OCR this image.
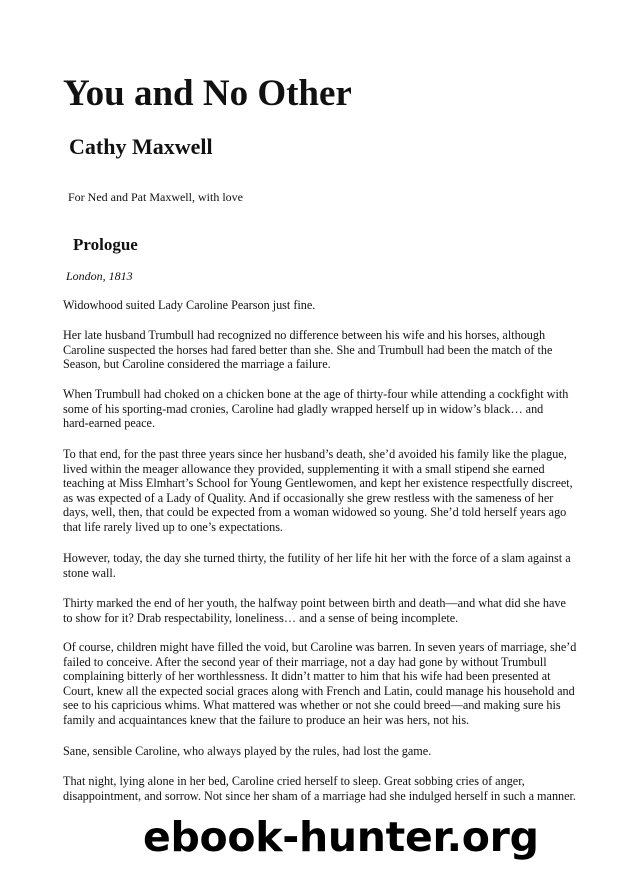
You and No Other
Cathy Maxwell
For Ned and Pat Maxwell, with love
Prologue
London, 1813
Widowhood suited Lady Caroline Pearson just fine.
Her late husband Trumbull had recognized no difference between his wife and his horses, although
Caroline suspected the horses had fared better than she. She and Trumbull had been the match of the
Season, but Caroline considered the marriage a failure.
When Trumbull had choked on a chicken bone at the age of thirty-four while attending a cockfight with
some of his sporting-mad cronies, Caroline had gladly wrapped herself up in widow’s black… and
hard-earned peace.
To that end, for the past three years since her husband’s death, she’d avoided his family like the plague,
lived within the meager allowance they provided, supplementing it with a small stipend she earned
teaching at Miss Elmhart’s School for Young Gentlewomen, and kept her existence respectfully discreet,
as was expected of a Lady of Quality. And if occasionally she grew restless with the sameness of her
days, well, then, that could be expected from a woman widowed so young. She’d told herself years ago
that life rarely lived up to one’s expectations.
However, today, the day she turned thirty, the futility of her life hit her with the force of a slam against a
stone wall.
Thirty marked the end of her youth, the halfway point between birth and death—and what did she have
to show for it? Drab respectability, loneliness… and a sense of being incomplete.
Of course, children might have filled the void, but Caroline was barren. In seven years of marriage, she’d
failed to conceive. After the second year of their marriage, not a day had gone by without Trumbull
complaining bitterly of her worthlessness. It didn’t matter to him that his wife had been presented at
Court, knew all the expected social graces along with French and Latin, could manage his household and
see to his capricious whims. What mattered was whether or not she could breed—and making sure his
family and acquaintances knew that the failure to produce an heir was hers, not his.
Sane, sensible Caroline, who always played by the rules, had lost the game.
That night, lying alone in her bed, Caroline cried herself to sleep. Great sobbing cries of anger,
disappointment, and sorrow. Not since her sham of a marriage had she indulged herself in such a manner.
ebook-hunter.org
